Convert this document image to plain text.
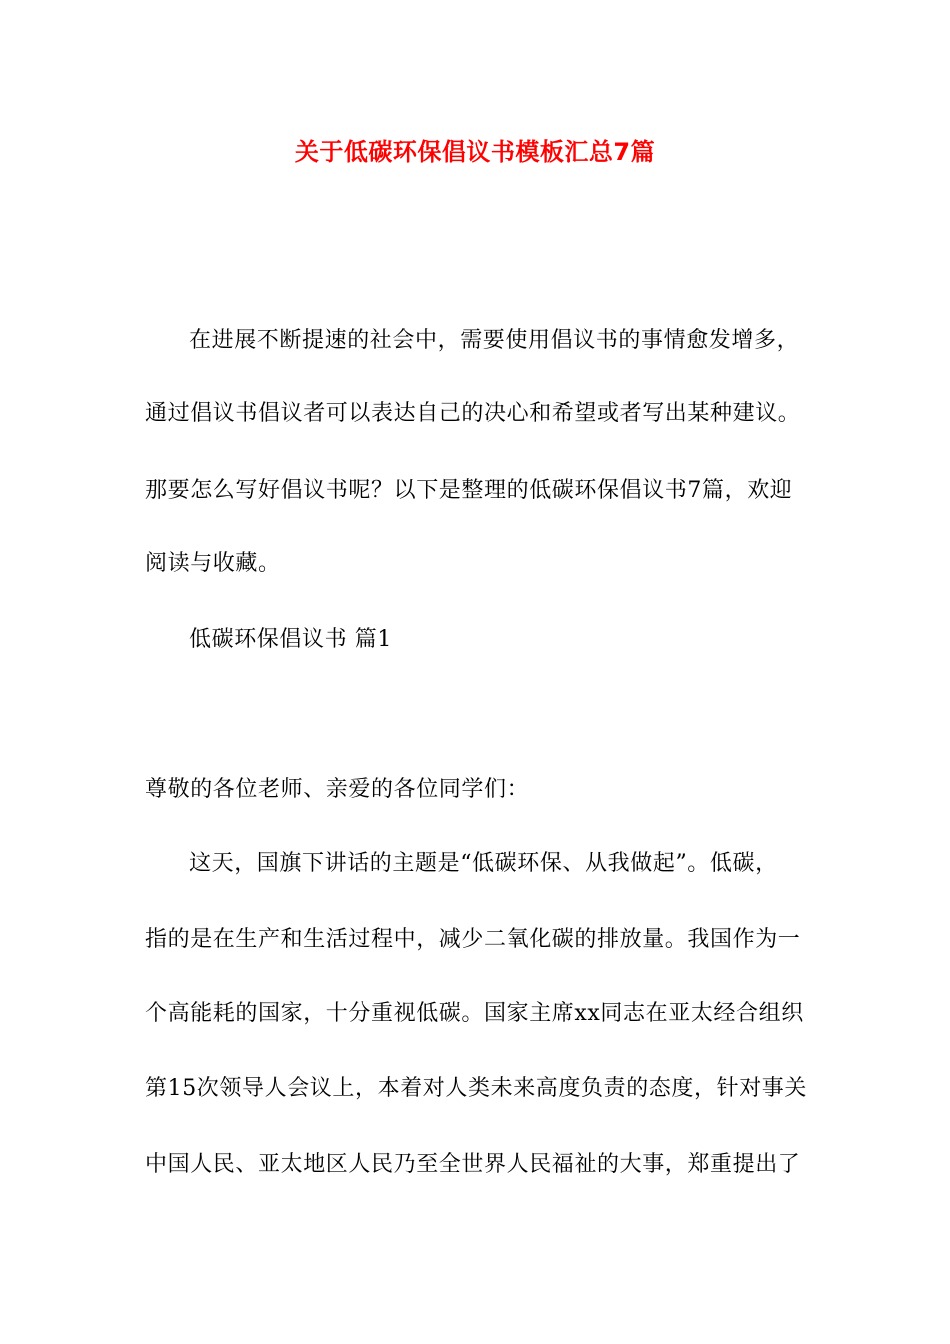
关于低碳环保倡议书模板汇总7篇
在进展不断提速的社会中，需要使用倡议书的事情愈发增多，
通过倡议书倡议者可以表达自己的决心和希望或者写出某种建议。
那要怎么写好倡议书呢？以下是整理的低碳环保倡议书7篇，欢迎
阅读与收藏。
低碳环保倡议书 篇1
尊敬的各位老师、亲爱的各位同学们：
这天，国旗下讲话的主题是“低碳环保、从我做起”。低碳，
指的是在生产和生活过程中，减少二氧化碳的排放量。我国作为一
个高能耗的国家，十分重视低碳。国家主席xx同志在亚太经合组织
第15次领导人会议上，本着对人类未来高度负责的态度，针对事关
中国人民、亚太地区人民乃至全世界人民福祉的大事，郑重提出了
